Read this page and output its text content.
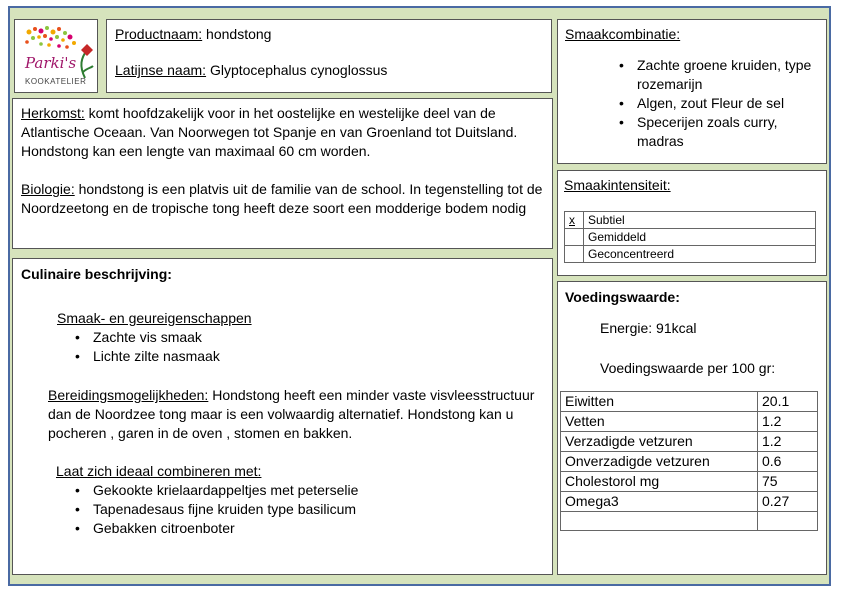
Parki's
KOOKATELIER
Productnaam: hondstong
Latijnse naam: Glyptocephalus cynoglossus
Herkomst: komt hoofdzakelijk voor in het oostelijke en westelijke deel van de Atlantische Oceaan. Van Noorwegen tot Spanje en van Groenland tot Duitsland. Hondstong kan een lengte van maximaal 60 cm worden.
Biologie: hondstong is een platvis uit de familie van de school. In tegenstelling tot de Noordzeetong en de tropische tong heeft deze soort een modderige bodem nodig
Culinaire beschrijving:
Smaak- en geureigenschappen
• Zachte vis smaak
• Lichte zilte nasmaak
Bereidingsmogelijkheden: Hondstong heeft een minder vaste visvleesstructuur dan de Noordzee tong maar is een volwaardig alternatief. Hondstong kan u pocheren , garen in de oven , stomen en bakken.
Laat zich ideaal combineren met:
• Gekookte krielaardappeltjes met peterselie
• Tapenadesaus fijne kruiden type basilicum
• Gebakken citroenboter
Smaakcombinatie:
• Zachte groene kruiden, type rozemarijn
• Algen, zout Fleur de sel
• Specerijen zoals curry, madras
Smaakintensiteit:
x	Subtiel
	Gemiddeld
	Geconcentreerd
Voedingswaarde:
Energie: 91kcal
Voedingswaarde per 100 gr:
Eiwitten	20.1
Vetten	1.2
Verzadigde vetzuren	1.2
Onverzadigde vetzuren	0.6
Cholestorol mg	75
Omega3	0.27
